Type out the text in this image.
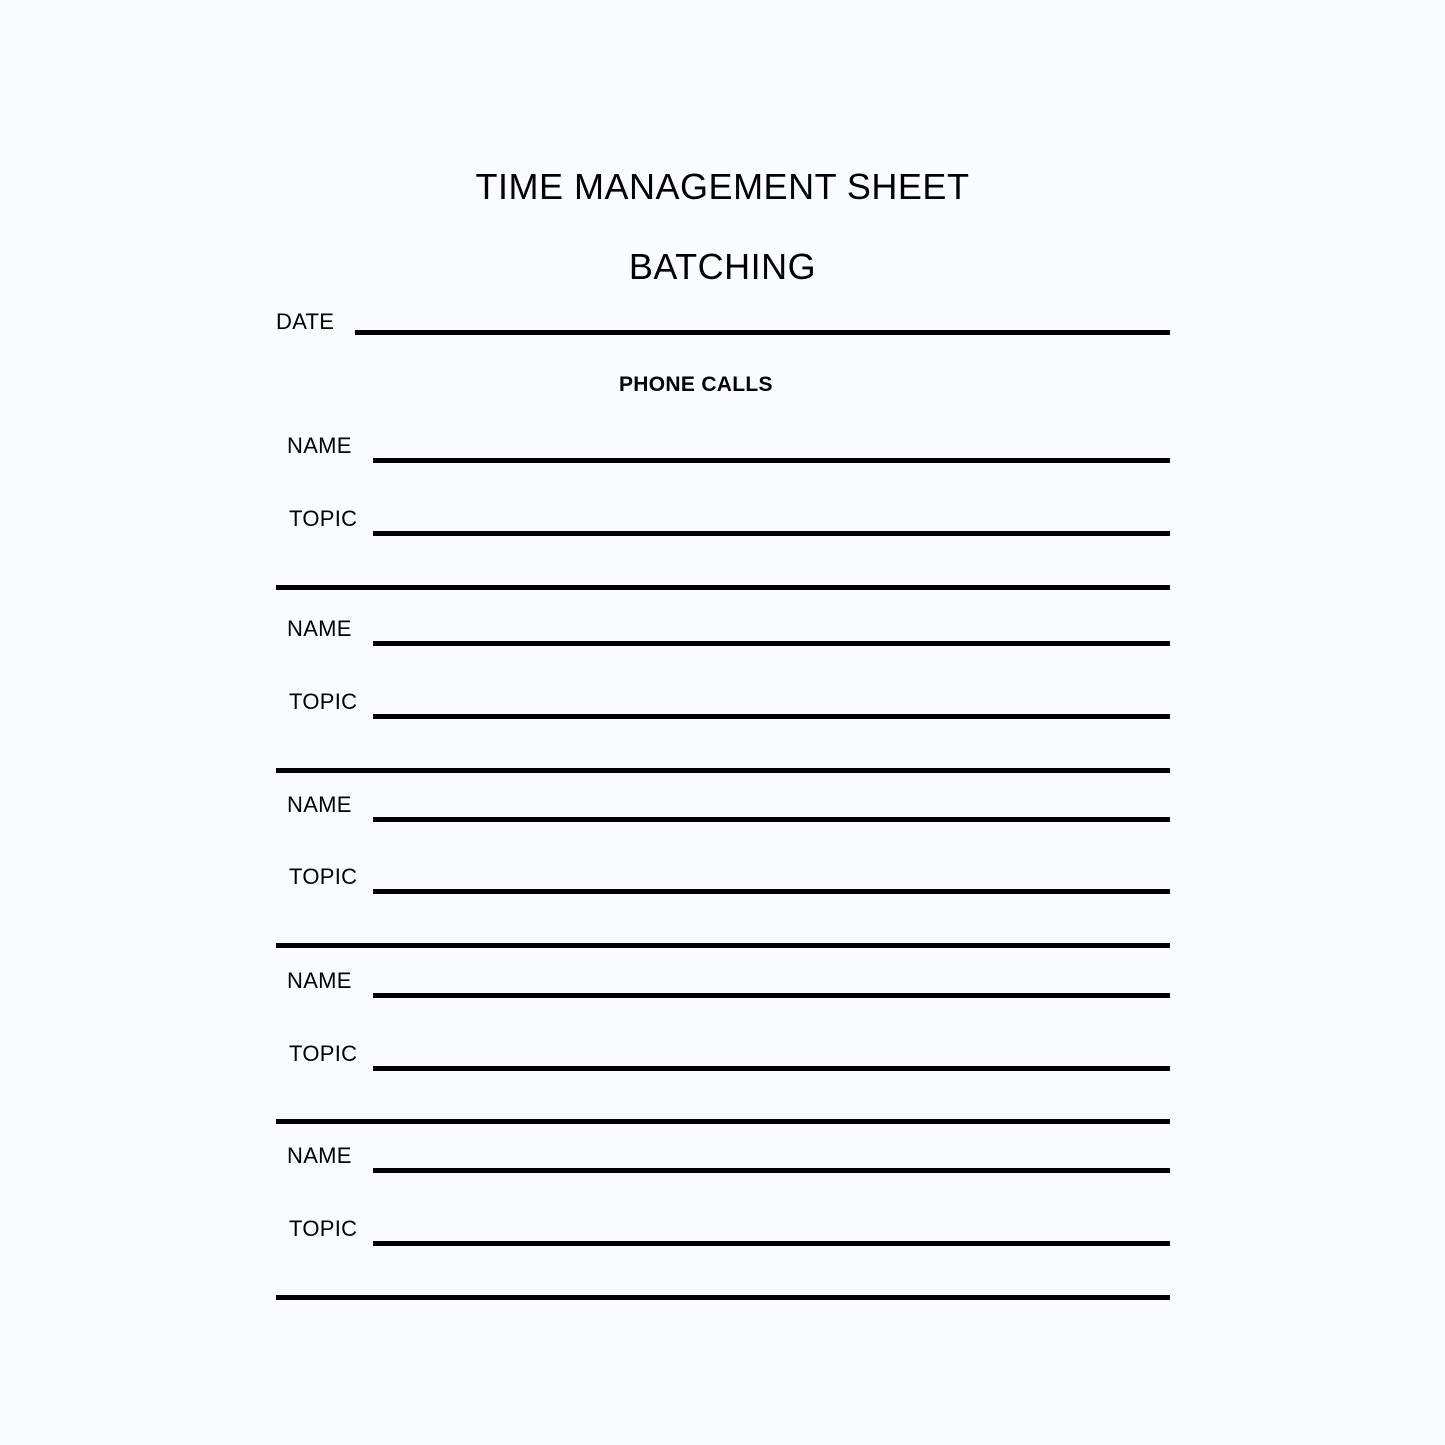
TIME MANAGEMENT SHEET
BATCHING
DATE
PHONE CALLS
NAME
TOPIC
NAME
TOPIC
NAME
TOPIC
NAME
TOPIC
NAME
TOPIC
